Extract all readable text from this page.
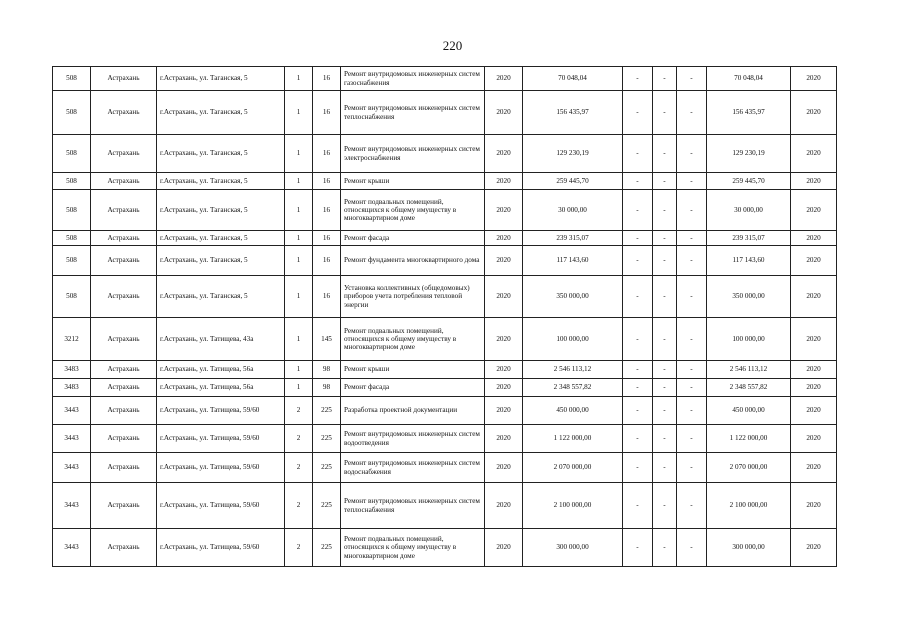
220
508	Астрахань	г.Астрахань, ул. Таганская, 5	1	16	Ремонт внутридомовых инженерных систем газоснабжения	2020	70 048,04	-	-	-	70 048,04	2020
508	Астрахань	г.Астрахань, ул. Таганская, 5	1	16	Ремонт внутридомовых инженерных систем теплоснабжения	2020	156 435,97	-	-	-	156 435,97	2020
508	Астрахань	г.Астрахань, ул. Таганская, 5	1	16	Ремонт внутридомовых инженерных систем электроснабжения	2020	129 230,19	-	-	-	129 230,19	2020
508	Астрахань	г.Астрахань, ул. Таганская, 5	1	16	Ремонт крыши	2020	259 445,70	-	-	-	259 445,70	2020
508	Астрахань	г.Астрахань, ул. Таганская, 5	1	16	Ремонт подвальных помещений, относящихся к общему имуществу в многоквартирном доме	2020	30 000,00	-	-	-	30 000,00	2020
508	Астрахань	г.Астрахань, ул. Таганская, 5	1	16	Ремонт фасада	2020	239 315,07	-	-	-	239 315,07	2020
508	Астрахань	г.Астрахань, ул. Таганская, 5	1	16	Ремонт фундамента многоквартирного дома	2020	117 143,60	-	-	-	117 143,60	2020
508	Астрахань	г.Астрахань, ул. Таганская, 5	1	16	Установка коллективных (общедомовых) приборов учета потребления тепловой энергии	2020	350 000,00	-	-	-	350 000,00	2020
3212	Астрахань	г.Астрахань, ул. Татищева, 43а	1	145	Ремонт подвальных помещений, относящихся к общему имуществу в многоквартирном доме	2020	100 000,00	-	-	-	100 000,00	2020
3483	Астрахань	г.Астрахань, ул. Татищева, 56а	1	98	Ремонт крыши	2020	2 546 113,12	-	-	-	2 546 113,12	2020
3483	Астрахань	г.Астрахань, ул. Татищева, 56а	1	98	Ремонт фасада	2020	2 348 557,82	-	-	-	2 348 557,82	2020
3443	Астрахань	г.Астрахань, ул. Татищева, 59/60	2	225	Разработка проектной документации	2020	450 000,00	-	-	-	450 000,00	2020
3443	Астрахань	г.Астрахань, ул. Татищева, 59/60	2	225	Ремонт внутридомовых инженерных систем водоотведения	2020	1 122 000,00	-	-	-	1 122 000,00	2020
3443	Астрахань	г.Астрахань, ул. Татищева, 59/60	2	225	Ремонт внутридомовых инженерных систем водоснабжения	2020	2 070 000,00	-	-	-	2 070 000,00	2020
3443	Астрахань	г.Астрахань, ул. Татищева, 59/60	2	225	Ремонт внутридомовых инженерных систем теплоснабжения	2020	2 100 000,00	-	-	-	2 100 000,00	2020
3443	Астрахань	г.Астрахань, ул. Татищева, 59/60	2	225	Ремонт подвальных помещений, относящихся к общему имуществу в многоквартирном доме	2020	300 000,00	-	-	-	300 000,00	2020
